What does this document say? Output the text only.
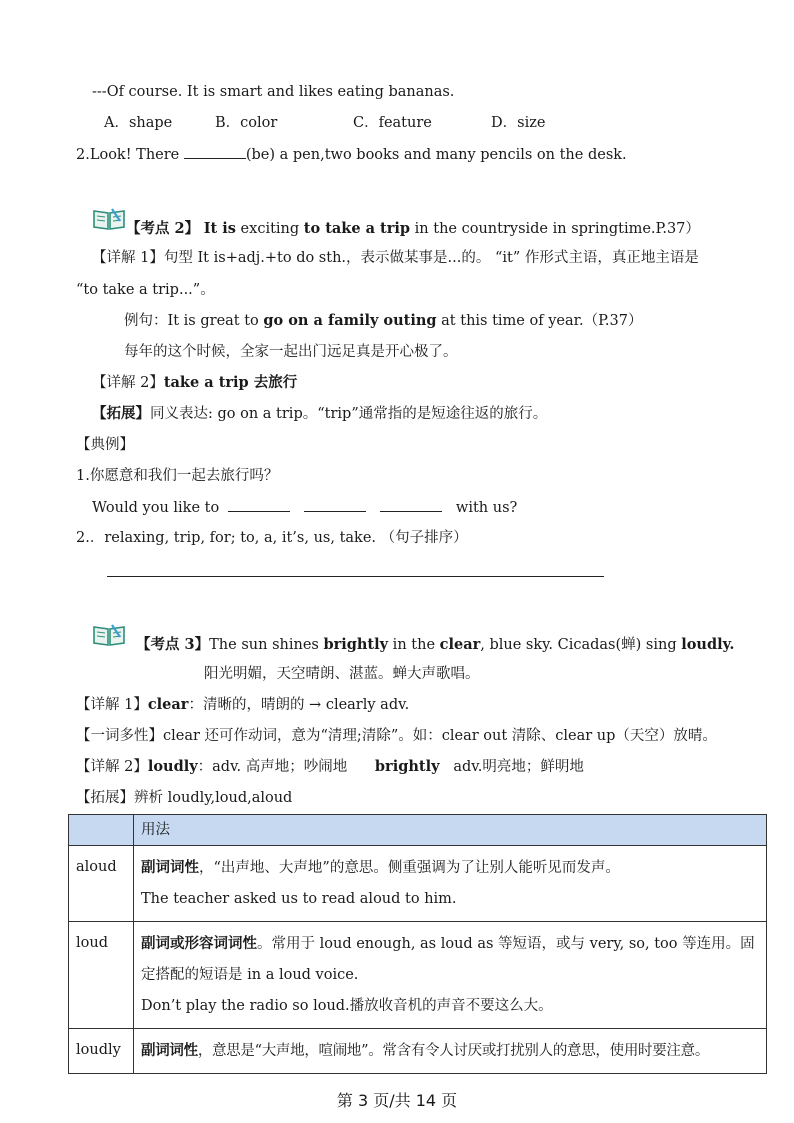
---Of course. It is smart and likes eating bananas.
A．shape	B．color	C．feature	D．size
2.Look! There	(be) a pen,two books and many pencils on the desk.
【考点 2】 It is exciting to take a trip in the countryside in springtime.P.37）
【详解 1】句型 It is+adj.+to do sth.，表示做某事是...的。 “it” 作形式主语，真正地主语是
“to take a trip...”。
例句：It is great to go on a family outing at this time of year.（P.37）
每年的这个时候，全家一起出门远足真是开心极了。
【详解 2】take a trip 去旅行
【拓展】同义表达: go on a trip。“trip”通常指的是短途往返的旅行。
【典例】
1.你愿意和我们一起去旅行吗？
Would you like to	with us?
2.．relaxing, trip, for; to, a, it’s, us, take. （句子排序）
【考点 3】The sun shines brightly in the clear, blue sky. Cicadas(蝉) sing loudly.
阳光明媚，天空晴朗、湛蓝。蝉大声歌唱。
【详解 1】clear：清晰的，晴朗的 → clearly adv.
【一词多性】clear 还可作动词，意为“清理;清除”。如：clear out 清除、clear up（天空）放晴。
【详解 2】loudly：adv. 高声地；吵闹地 brightly adv.明亮地；鲜明地
【拓展】辨析 loudly,loud,aloud
	用法
aloud	副词词性，“出声地、大声地”的意思。侧重强调为了让别人能听见而发声。
The teacher asked us to read aloud to him.
loud	副词或形容词词性。常用于 loud enough, as loud as 等短语，或与 very, so, too 等连用。固定搭配的短语是 in a loud voice.
Don’t play the radio so loud.播放收音机的声音不要这么大。
loudly	副词词性，意思是“大声地，喧闹地”。常含有令人讨厌或打扰别人的意思，使用时要注意。
第 3 页/共 14 页
